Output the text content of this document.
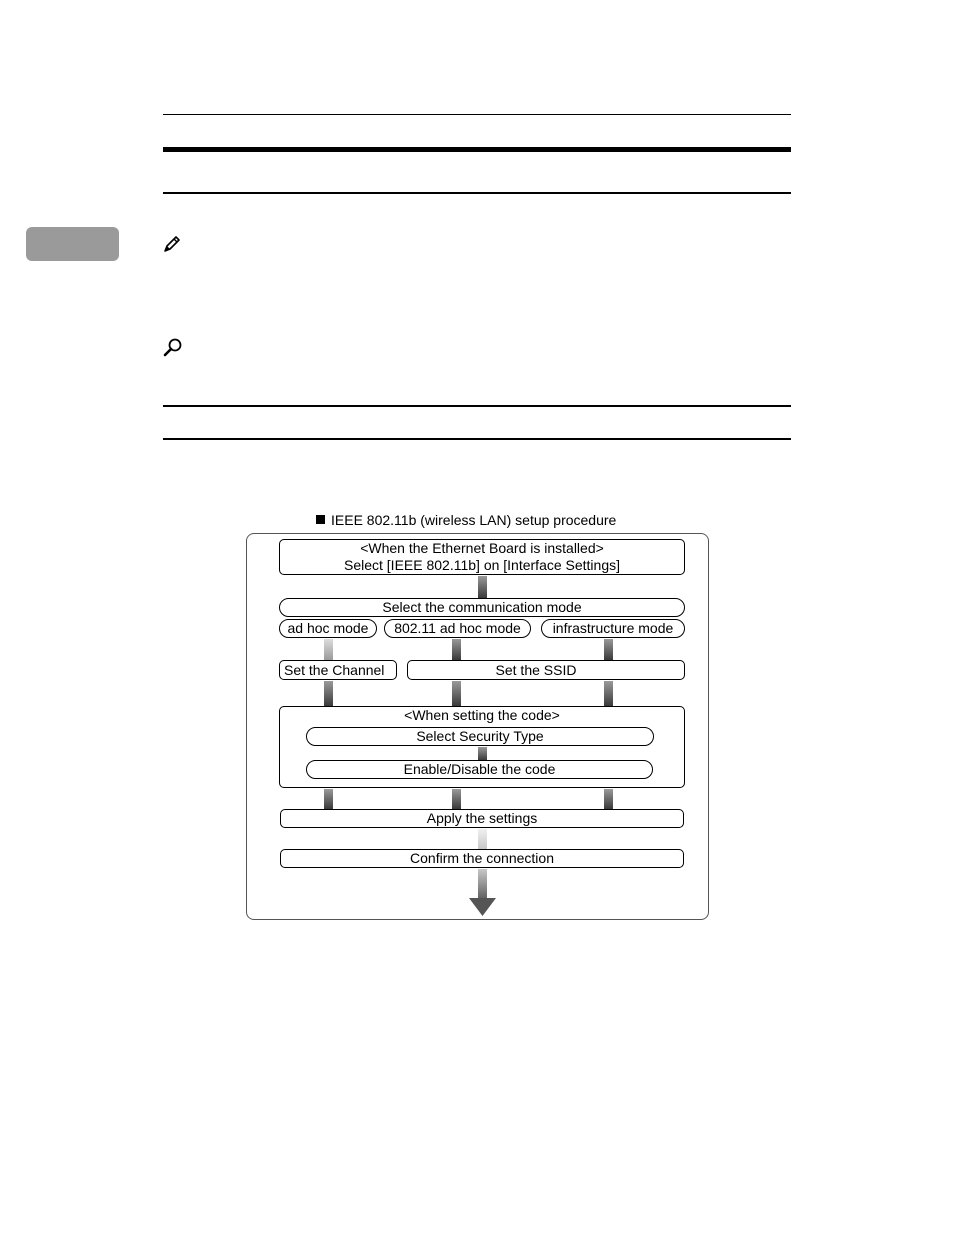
IEEE 802.11b (wireless LAN) setup procedure
<When the Ethernet Board is installed>
Select [IEEE 802.11b] on [Interface Settings]
Select the communication mode
ad hoc mode	802.11 ad hoc mode	infrastructure mode
Set the Channel	Set the SSID
<When setting the code>
Select Security Type
Enable/Disable the code
Apply the settings
Confirm the connection
